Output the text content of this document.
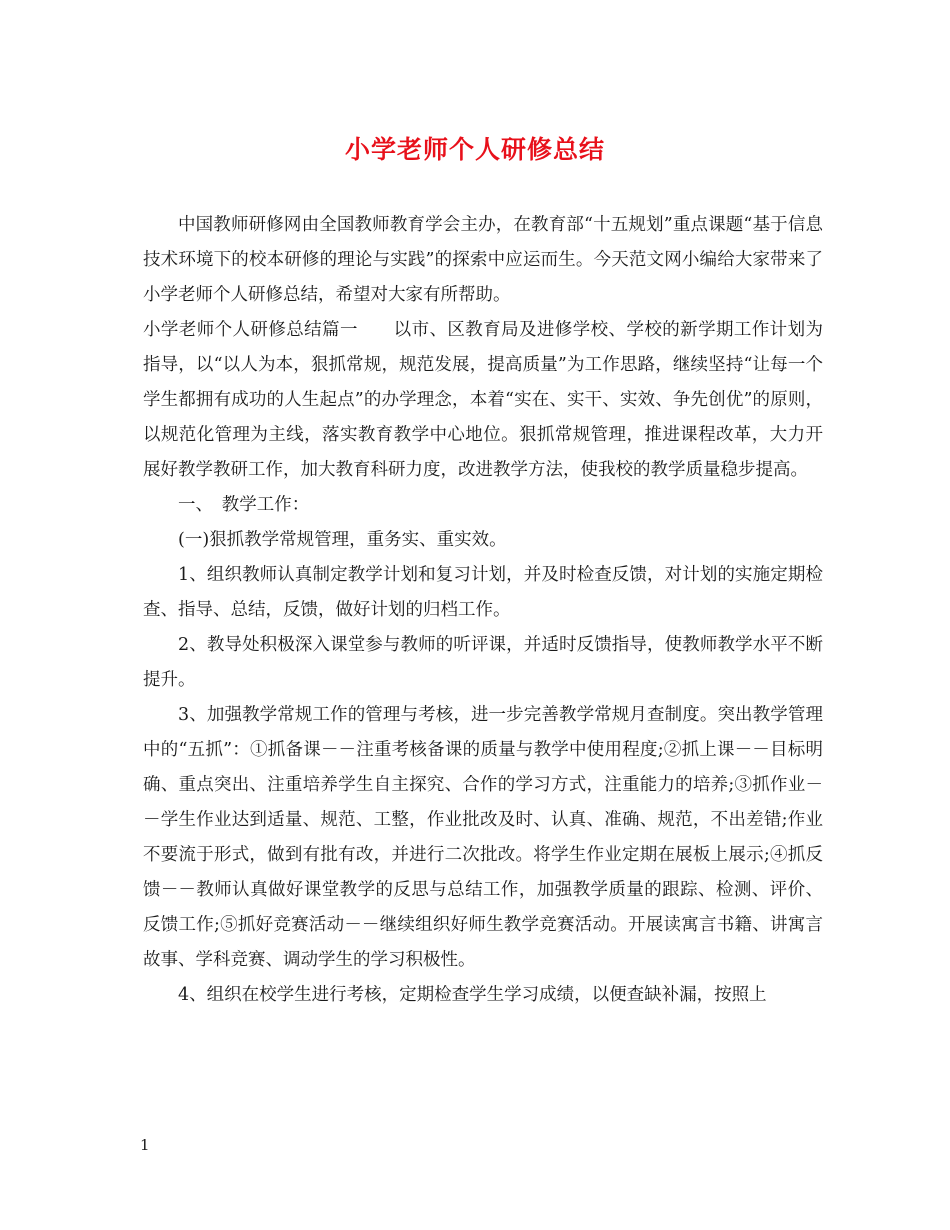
小学老师个人研修总结

中国教师研修网由全国教师教育学会主办，在教育部“十五规划”重点课题“基于信息技术环境下的校本研修的理论与实践”的探索中应运而生。今天范文网小编给大家带来了小学老师个人研修总结，希望对大家有所帮助。

小学老师个人研修总结篇一　　以市、区教育局及进修学校、学校的新学期工作计划为指导，以“以人为本，狠抓常规，规范发展，提高质量”为工作思路，继续坚持“让每一个学生都拥有成功的人生起点”的办学理念，本着“实在、实干、实效、争先创优”的原则，以规范化管理为主线，落实教育教学中心地位。狠抓常规管理，推进课程改革，大力开展好教学教研工作，加大教育科研力度，改进教学方法，使我校的教学质量稳步提高。

一、　教学工作：

(一)狠抓教学常规管理，重务实、重实效。

1、组织教师认真制定教学计划和复习计划，并及时检查反馈，对计划的实施定期检查、指导、总结，反馈，做好计划的归档工作。

2、教导处积极深入课堂参与教师的听评课，并适时反馈指导，使教师教学水平不断提升。

3、加强教学常规工作的管理与考核，进一步完善教学常规月查制度。突出教学管理中的“五抓”：①抓备课－－注重考核备课的质量与教学中使用程度;②抓上课－－目标明确、重点突出、注重培养学生自主探究、合作的学习方式，注重能力的培养;③抓作业－－学生作业达到适量、规范、工整，作业批改及时、认真、准确、规范，不出差错;作业不要流于形式，做到有批有改，并进行二次批改。将学生作业定期在展板上展示;④抓反馈－－教师认真做好课堂教学的反思与总结工作，加强教学质量的跟踪、检测、评价、反馈工作;⑤抓好竞赛活动－－继续组织好师生教学竞赛活动。开展读寓言书籍、讲寓言故事、学科竞赛、调动学生的学习积极性。

4、组织在校学生进行考核，定期检查学生学习成绩，以便查缺补漏，按照上

1
